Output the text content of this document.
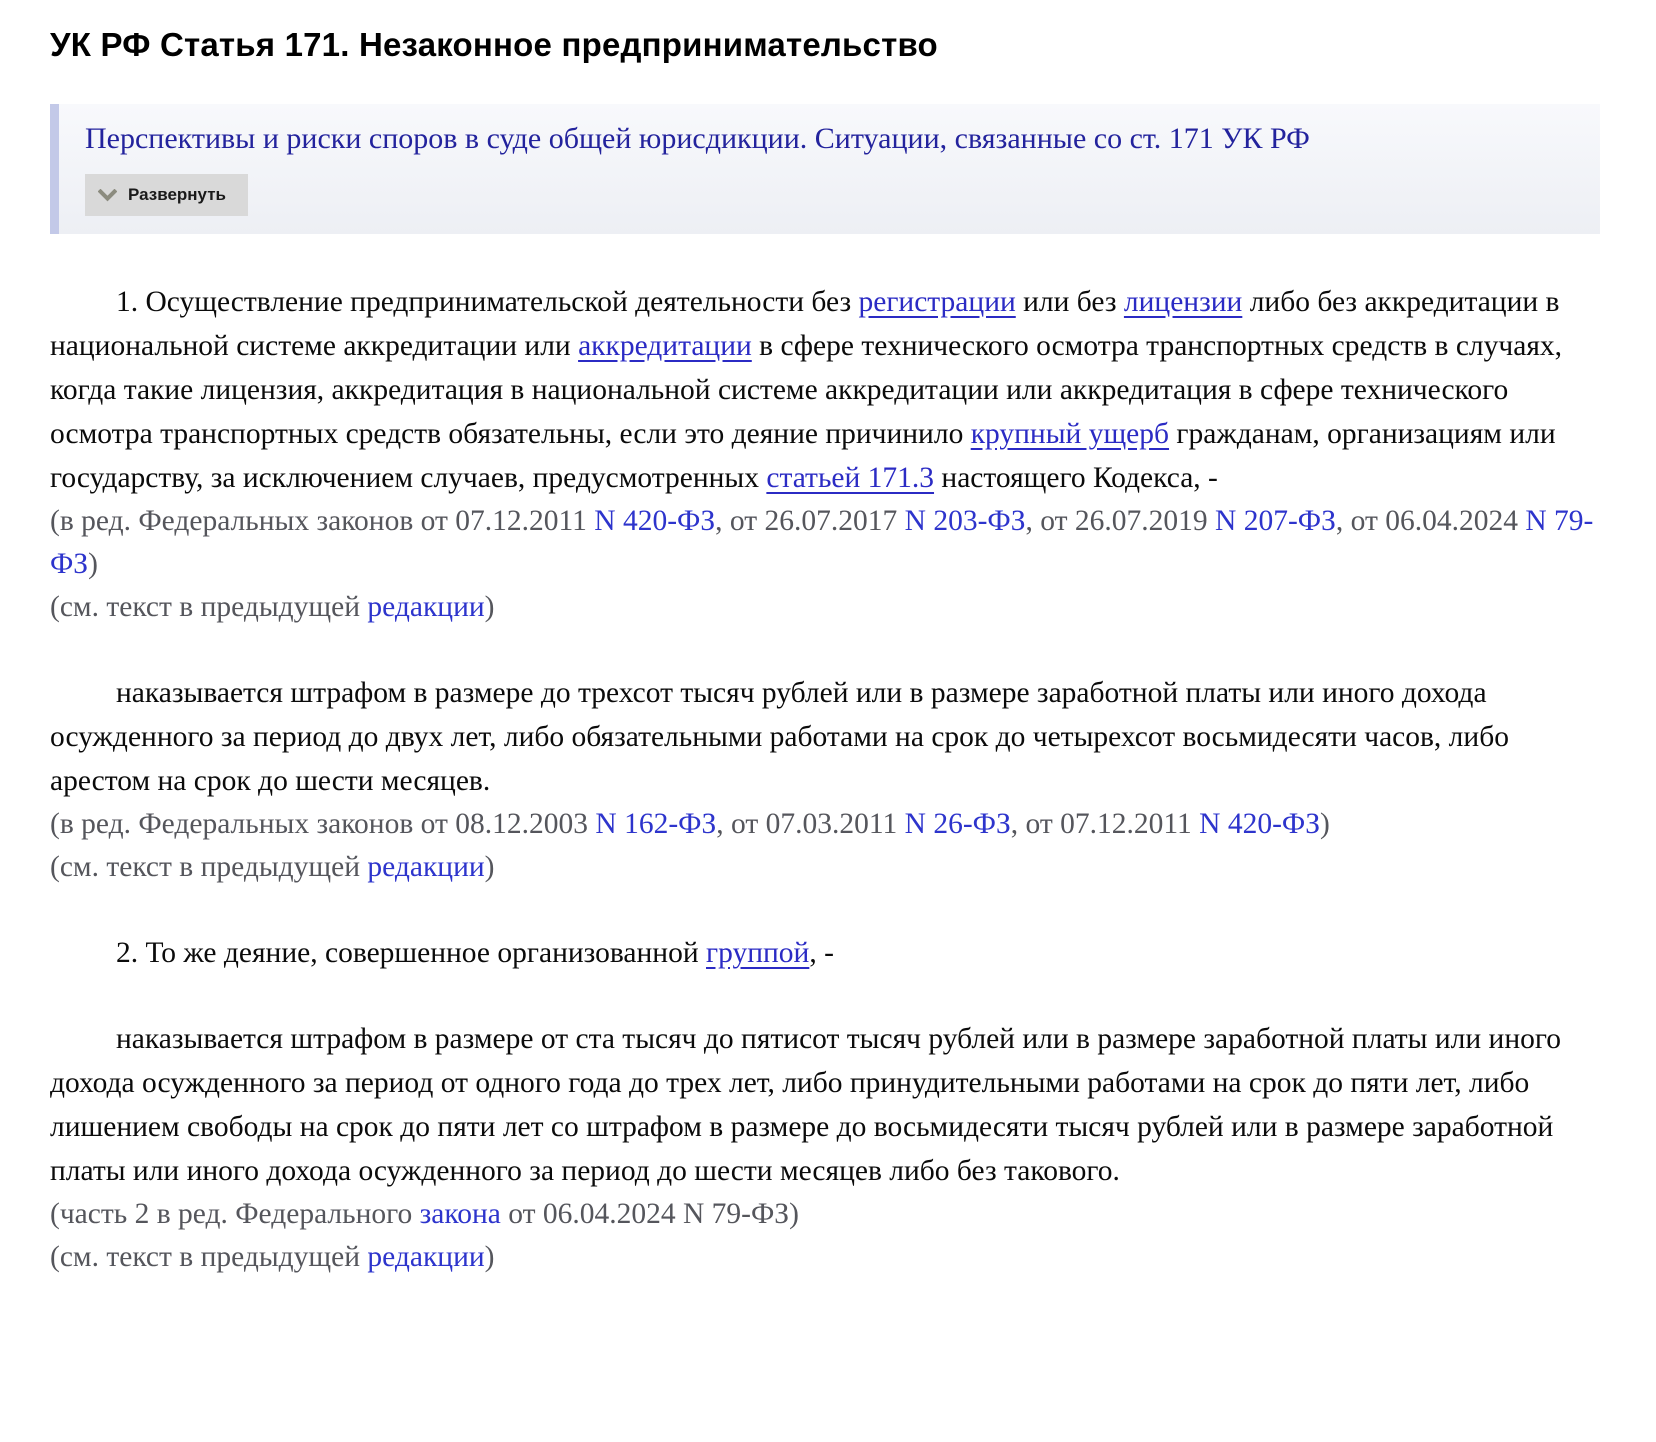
УК РФ Статья 171. Незаконное предпринимательство
Перспективы и риски споров в суде общей юрисдикции. Ситуации, связанные со ст. 171 УК РФ

Развернуть

1. Осуществление предпринимательской деятельности без регистрации или без лицензии либо без аккредитации в национальной системе аккредитации или аккредитации в сфере технического осмотра транспортных средств в случаях, когда такие лицензия, аккредитация в национальной системе аккредитации или аккредитация в сфере технического осмотра транспортных средств обязательны, если это деяние причинило крупный ущерб гражданам, организациям или государству, за исключением случаев, предусмотренных статьей 171.3 настоящего Кодекса, -

(в ред. Федеральных законов от 07.12.2011 N 420-ФЗ, от 26.07.2017 N 203-ФЗ, от 26.07.2019 N 207-ФЗ, от 06.04.2024 N 79-ФЗ)

(см. текст в предыдущей редакции)

наказывается штрафом в размере до трехсот тысяч рублей или в размере заработной платы или иного дохода осужденного за период до двух лет, либо обязательными работами на срок до четырехсот восьмидесяти часов, либо арестом на срок до шести месяцев.

(в ред. Федеральных законов от 08.12.2003 N 162-ФЗ, от 07.03.2011 N 26-ФЗ, от 07.12.2011 N 420-ФЗ)

(см. текст в предыдущей редакции)

2. То же деяние, совершенное организованной группой, -

наказывается штрафом в размере от ста тысяч до пятисот тысяч рублей или в размере заработной платы или иного дохода осужденного за период от одного года до трех лет, либо принудительными работами на срок до пяти лет, либо лишением свободы на срок до пяти лет со штрафом в размере до восьмидесяти тысяч рублей или в размере заработной платы или иного дохода осужденного за период до шести месяцев либо без такового.

(часть 2 в ред. Федерального закона от 06.04.2024 N 79-ФЗ)

(см. текст в предыдущей редакции)
